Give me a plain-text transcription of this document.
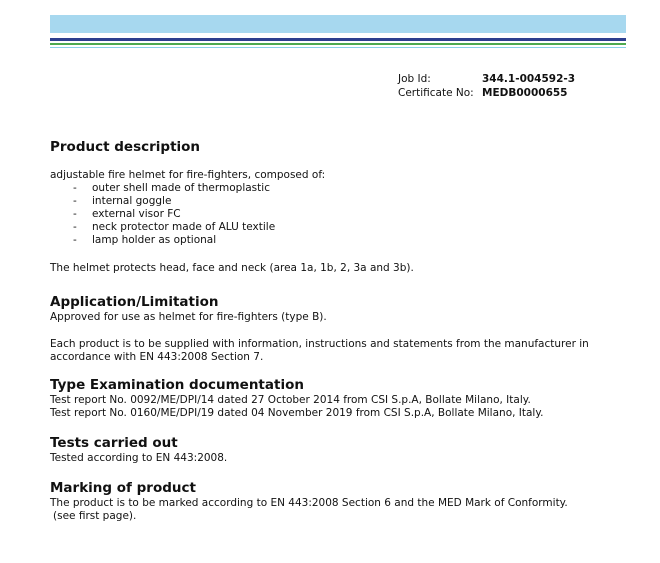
Job Id:	344.1-004592-3
Certificate No: MEDB0000655
Product description

adjustable fire helmet for fire-fighters, composed of:

- outer shell made of thermoplastic
- internal goggle
- external visor FC
- neck protector made of ALU textile
- lamp holder as optional

The helmet protects head, face and neck (area 1a, 1b, 2, 3a and 3b).

Application/Limitation

Approved for use as helmet for fire-fighters (type B).

Each product is to be supplied with information, instructions and statements from the manufacturer in accordance with EN 443:2008 Section 7.

Type Examination documentation

Test report No. 0092/ME/DPI/14 dated 27 October 2014 from CSI S.p.A, Bollate Milano, Italy.

Test report No. 0160/ME/DPI/19 dated 04 November 2019 from CSI S.p.A, Bollate Milano, Italy.

Tests carried out

Tested according to EN 443:2008.

Marking of product

The product is to be marked according to EN 443:2008 Section 6 and the MED Mark of Conformity.

(see first page).
